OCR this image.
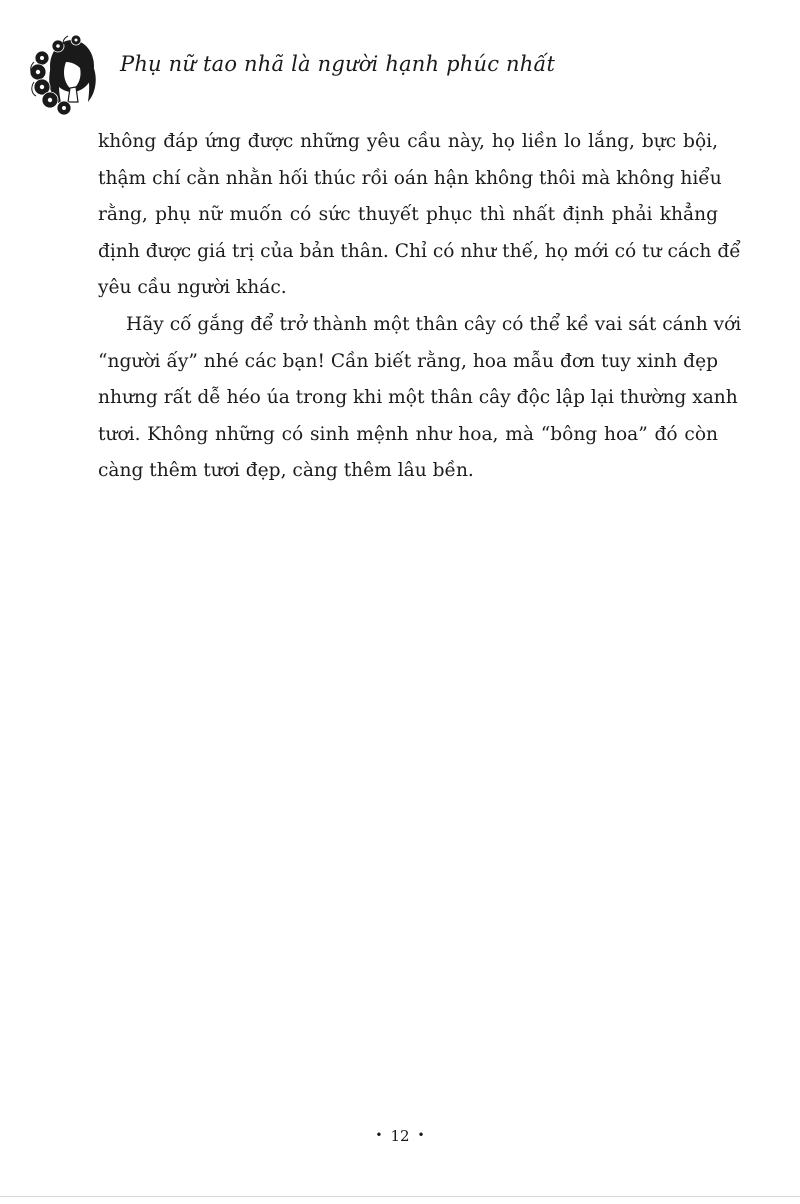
Phụ nữ tao nhã là người hạnh phúc nhất

không đáp ứng được những yêu cầu này, họ liền lo lắng, bực bội,
thậm chí cằn nhằn hối thúc rồi oán hận không thôi mà không hiểu
rằng, phụ nữ muốn có sức thuyết phục thì nhất định phải khẳng
định được giá trị của bản thân. Chỉ có như thế, họ mới có tư cách để
yêu cầu người khác.

Hãy cố gắng để trở thành một thân cây có thể kề vai sát cánh với
“người ấy” nhé các bạn! Cần biết rằng, hoa mẫu đơn tuy xinh đẹp
nhưng rất dễ héo úa trong khi một thân cây độc lập lại thường xanh
tươi. Không những có sinh mệnh như hoa, mà “bông hoa” đó còn
càng thêm tươi đẹp, càng thêm lâu bền.

• 12 •
